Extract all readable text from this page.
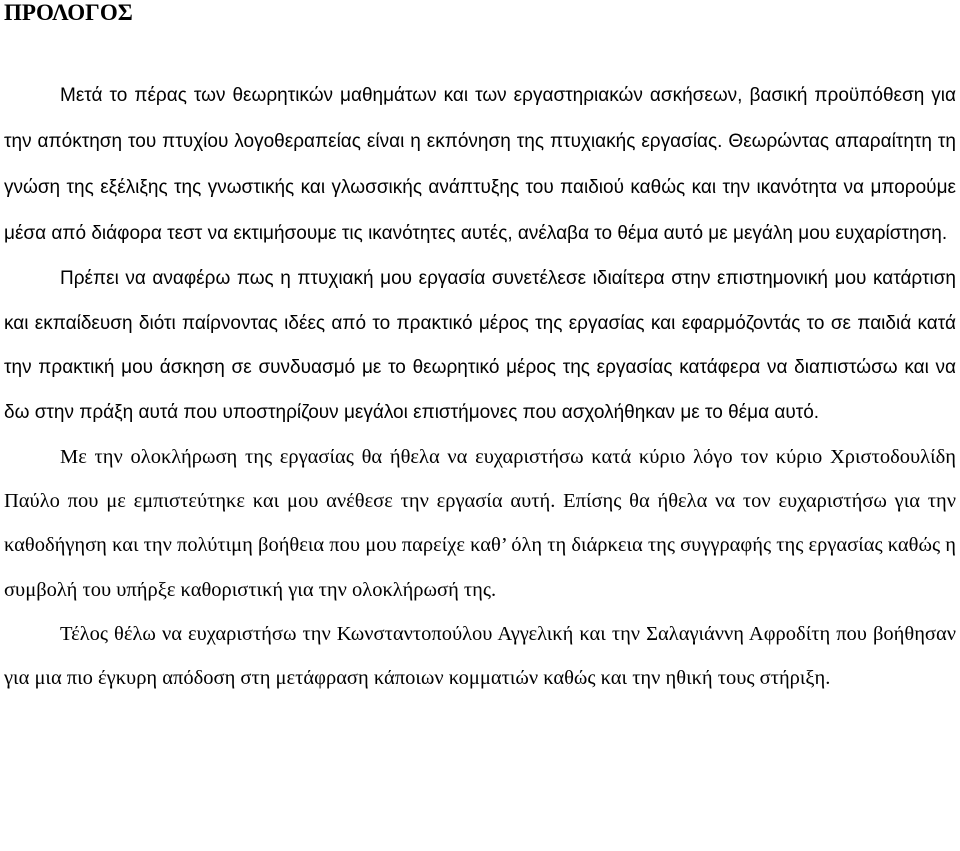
ΠΡΟΛΟΓΟΣ

Μετά το πέρας των θεωρητικών μαθημάτων και των εργαστηριακών ασκήσεων, βασική προϋπόθεση για την απόκτηση του πτυχίου λογοθεραπείας είναι η εκπόνηση της πτυχιακής εργασίας. Θεωρώντας απαραίτητη τη γνώση της εξέλιξης της γνωστικής και γλωσσικής ανάπτυξης του παιδιού καθώς και την ικανότητα να μπορούμε μέσα από διάφορα τεστ να εκτιμήσουμε τις ικανότητες αυτές, ανέλαβα το θέμα αυτό με μεγάλη μου ευχαρίστηση.

Πρέπει να αναφέρω πως η πτυχιακή μου εργασία συνετέλεσε ιδιαίτερα στην επιστημονική μου κατάρτιση και εκπαίδευση διότι παίρνοντας ιδέες από το πρακτικό μέρος της εργασίας και εφαρμόζοντάς το σε παιδιά κατά την πρακτική μου άσκηση σε συνδυασμό με το θεωρητικό μέρος της εργασίας κατάφερα να διαπιστώσω και να δω στην πράξη αυτά που υποστηρίζουν μεγάλοι επιστήμονες που ασχολήθηκαν με το θέμα αυτό.

Με την ολοκλήρωση της εργασίας θα ήθελα να ευχαριστήσω κατά κύριο λόγο τον κύριο Χριστοδουλίδη Παύλο που με εμπιστεύτηκε και μου ανέθεσε την εργασία αυτή. Επίσης θα ήθελα να τον ευχαριστήσω για την καθοδήγηση και την πολύτιμη βοήθεια που μου παρείχε καθ’ όλη τη διάρκεια της συγγραφής της εργασίας καθώς η συμβολή του υπήρξε καθοριστική για την ολοκλήρωσή της.

Τέλος θέλω να ευχαριστήσω την Κωνσταντοπούλου Αγγελική και την Σαλαγιάννη Αφροδίτη που βοήθησαν για μια πιο έγκυρη απόδοση στη μετάφραση κάποιων κομματιών καθώς και την ηθική τους στήριξη.
